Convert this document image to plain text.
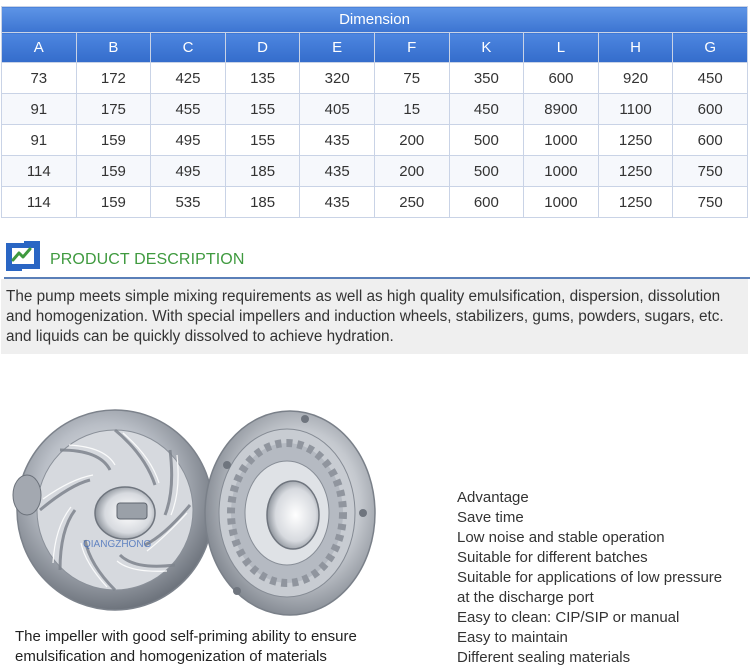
Dimension									
A	B	C	D	E	F	K	L	H	G
73	172	425	135	320	75	350	600	920	450
91	175	455	155	405	15	450	8900	1100	600
91	159	495	155	435	200	500	1000	1250	600
114	159	495	185	435	200	500	1000	1250	750
114	159	535	185	435	250	600	1000	1250	750
PRODUCT DESCRIPTION
The pump meets simple mixing requirements as well as high quality emulsification, dispersion, dissolution and homogenization. With special impellers and induction wheels, stabilizers, gums, powders, sugars, etc. and liquids can be quickly dissolved to achieve hydration.
QIANGZHONG
The impeller with good self-priming ability to ensure
emulsification and homogenization of materials
Advantage
Save time
Low noise and stable operation
Suitable for different batches
Suitable for applications of low pressure
at the discharge port
Easy to clean: CIP/SIP or manual
Easy to maintain
Different sealing materials
